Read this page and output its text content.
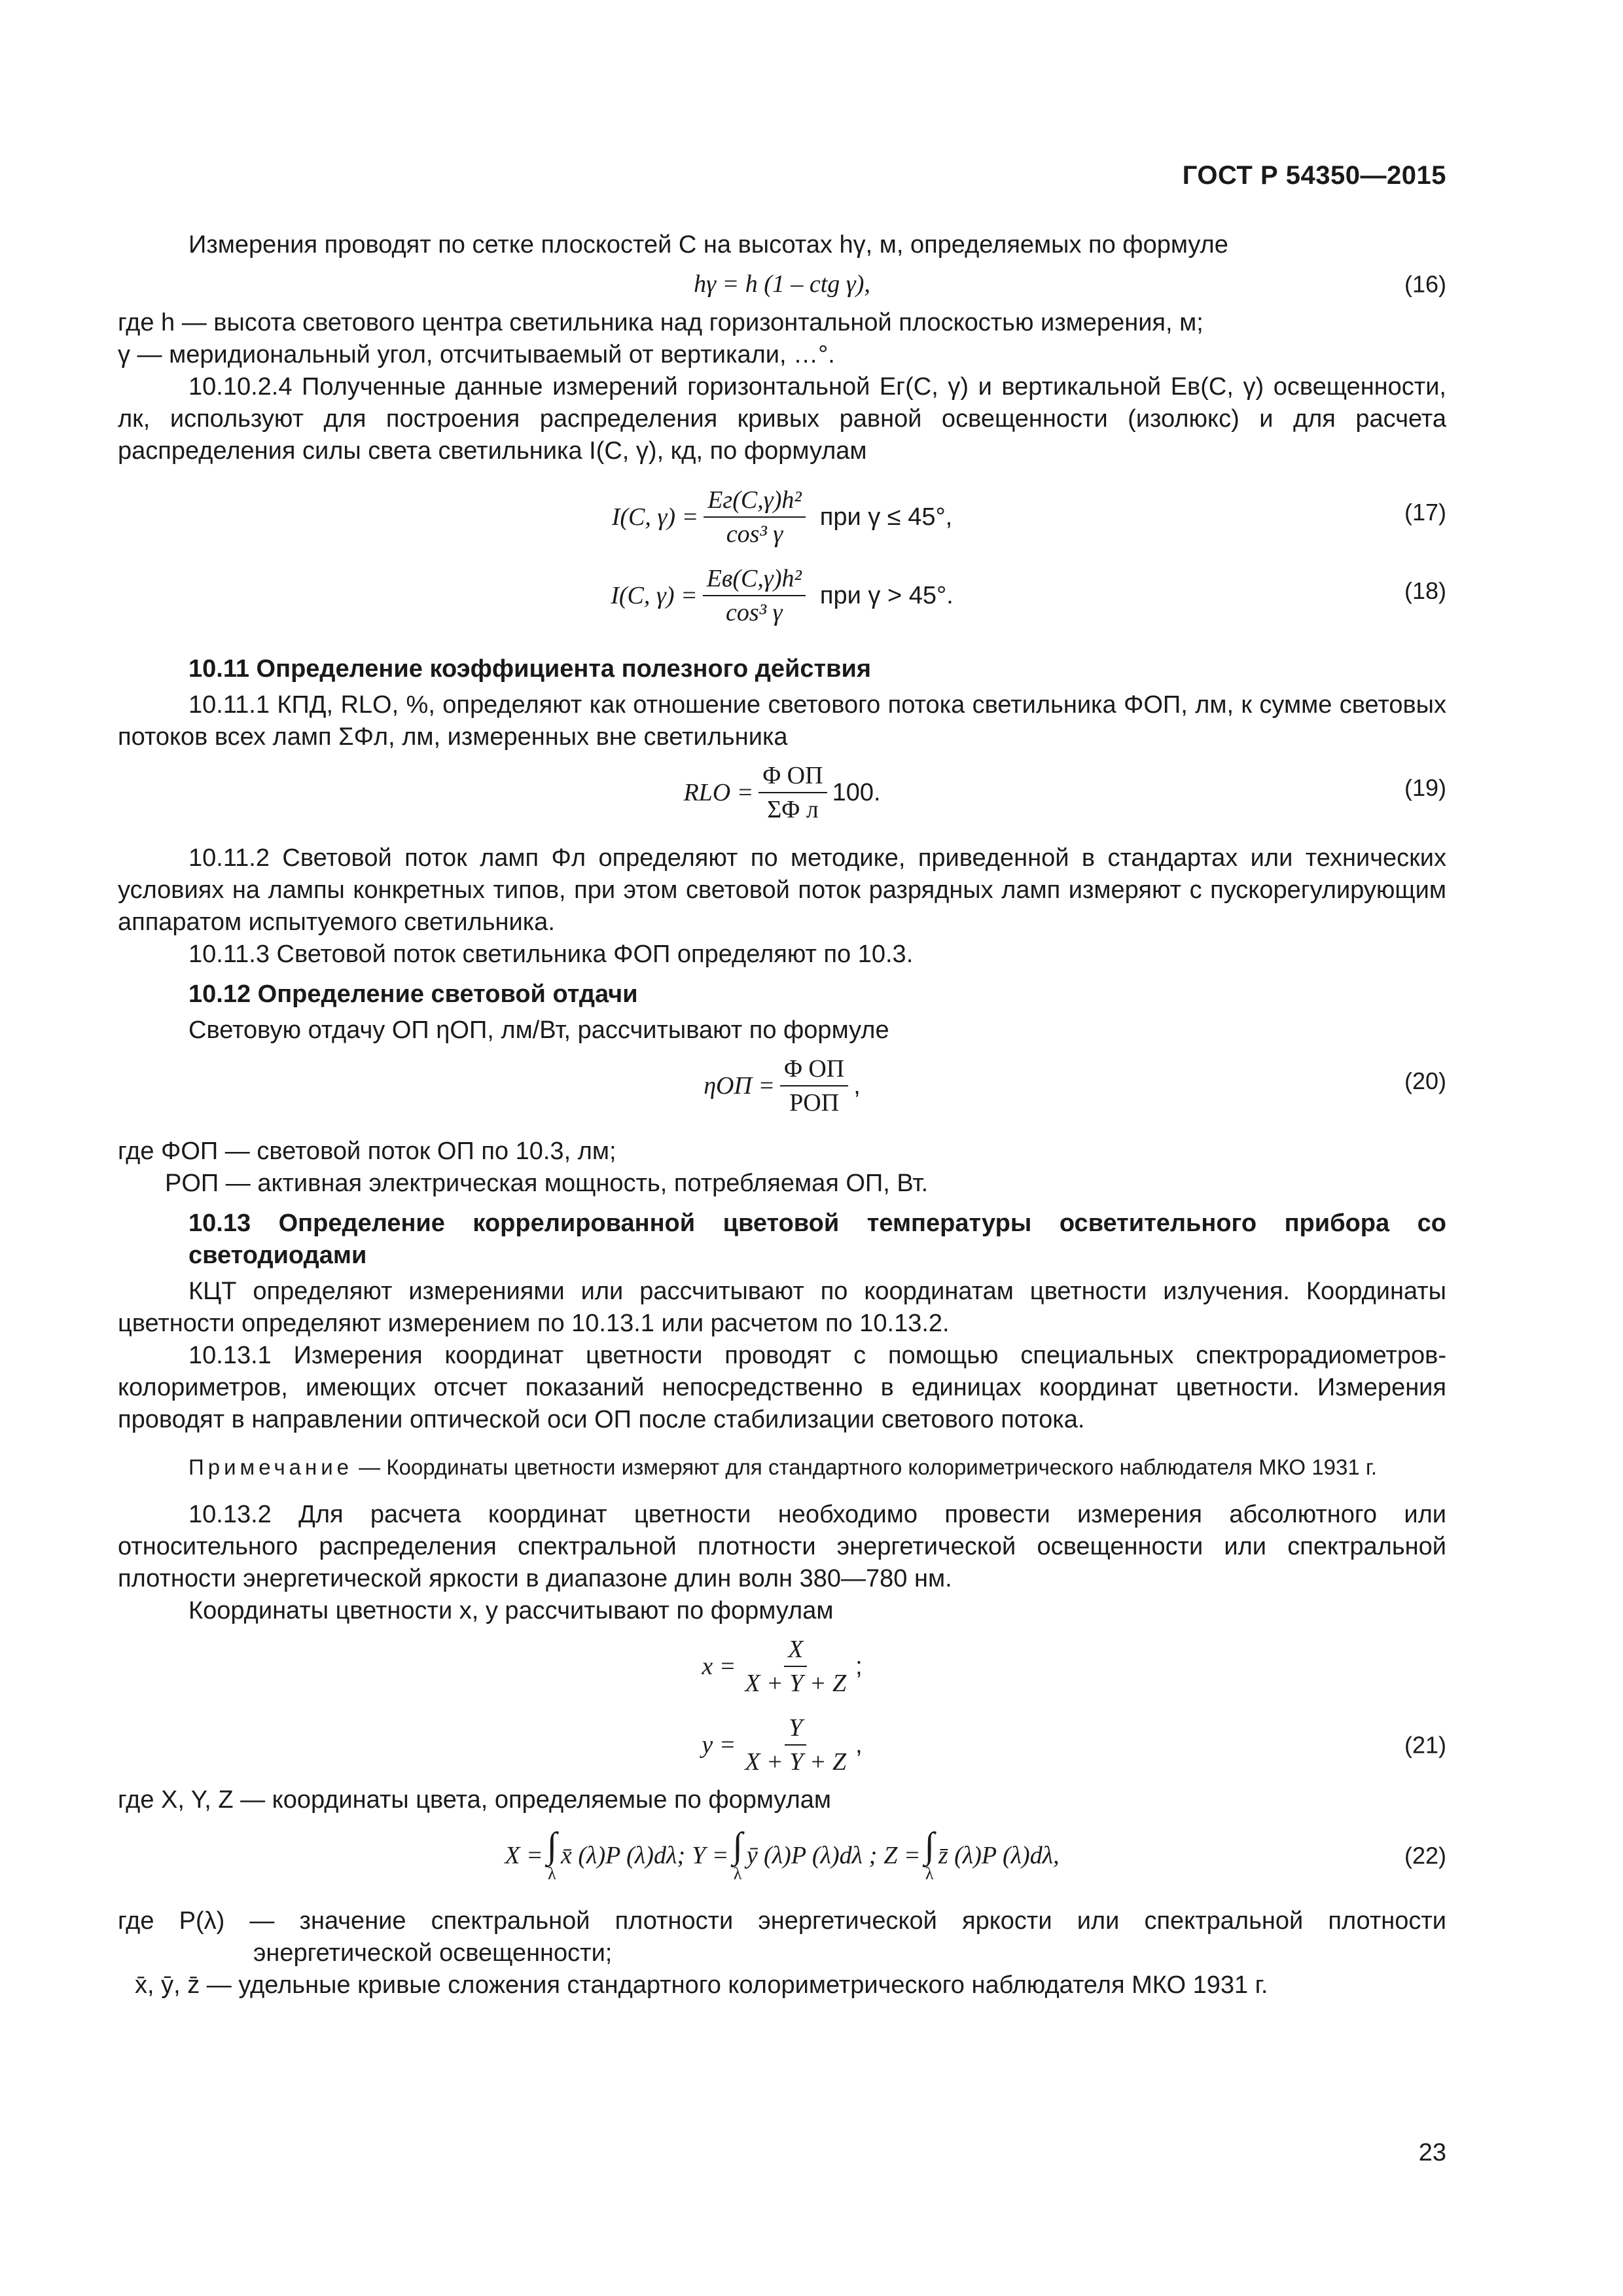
ГОСТ Р 54350—2015

Измерения проводят по сетке плоскостей C на высотах hγ, м, определяемых по формуле

hγ = h (1 – ctg γ),	(16)

где h — высота светового центра светильника над горизонтальной плоскостью измерения, м;

γ — меридиональный угол, отсчитываемый от вертикали, …°.

10.10.2.4 Полученные данные измерений горизонтальной Eг(C, γ) и вертикальной Eв(C, γ) освещенности, лк, используют для построения распределения кривых равной освещенности (изолюкс) и для расчета распределения силы света светильника I(C, γ), кд, по формулам

I(C, $\gamma) = \frac{\text{Eг(C,γ)h²}}{\text{cos³ γ}}$ при γ ≤ 45°,	(17)
I(C, $\gamma) = \frac{\text{Eв(C,γ)h²}}{\text{cos³ γ}}$ при γ > 45°.	(18)

10.11 Определение коэффициента полезного действия

10.11.1 КПД, RLO, %, определяют как отношение светового потока светильника ΦОП, лм, к сумме световых потоков всех ламп ΣΦл, лм, измеренных вне светильника

RLO = $\frac{\text{Φ ОП}}{\text{ΣΦ л}} 100$.	(19)

10.11.2 Световой поток ламп Φл определяют по методике, приведенной в стандартах или технических условиях на лампы конкретных типов, при этом световой поток разрядных ламп измеряют с пускорегулирующим аппаратом испытуемого светильника.

10.11.3 Световой поток светильника ΦОП определяют по 10.3.

10.12 Определение световой отдачи

Световую отдачу ОП ηОП, лм/Вт, рассчитывают по формуле

$\eta ОП = \frac{\text{Φ ОП}}{\text{PОП}}$ ,	(20)

где ΦОП — световой поток ОП по 10.3, лм;

PОП — активная электрическая мощность, потребляемая ОП, Вт.

10.13 Определение коррелированной цветовой температуры осветительного прибора со светодиодами

КЦТ определяют измерениями или рассчитывают по координатам цветности излучения. Координаты цветности определяют измерением по 10.13.1 или расчетом по 10.13.2.

10.13.1 Измерения координат цветности проводят с помощью специальных спектрорадиометров-колориметров, имеющих отсчет показаний непосредственно в единицах координат цветности. Измерения проводят в направлении оптической оси ОП после стабилизации светового потока.

Примечание — Координаты цветности измеряют для стандартного колориметрического наблюдателя МКО 1931 г.

10.13.2 Для расчета координат цветности необходимо провести измерения абсолютного или относительного распределения спектральной плотности энергетической освещенности или спектральной плотности энергетической яркости в диапазоне длин волн 380—780 нм.

Координаты цветности x, y рассчитывают по формулам

$x = \frac{X}{X + Y + Z}$ ;
$y = \frac{Y}{X + Y + Z}$ ,	(21)

где X, Y, Z — координаты цвета, определяемые по формулам

X = ∫
λ
x̄ (λ)P (λ)dλ; Y = ∫
λ
ȳ (λ)P (λ)dλ ; Z = ∫
λ
z̄ (λ)P (λ)dλ,	(22)

где P(λ) — значение спектральной плотности энергетической яркости или спектральной плотности энергетической освещенности;

x̄, ȳ, z̄ — удельные кривые сложения стандартного колориметрического наблюдателя МКО 1931 г.

23
